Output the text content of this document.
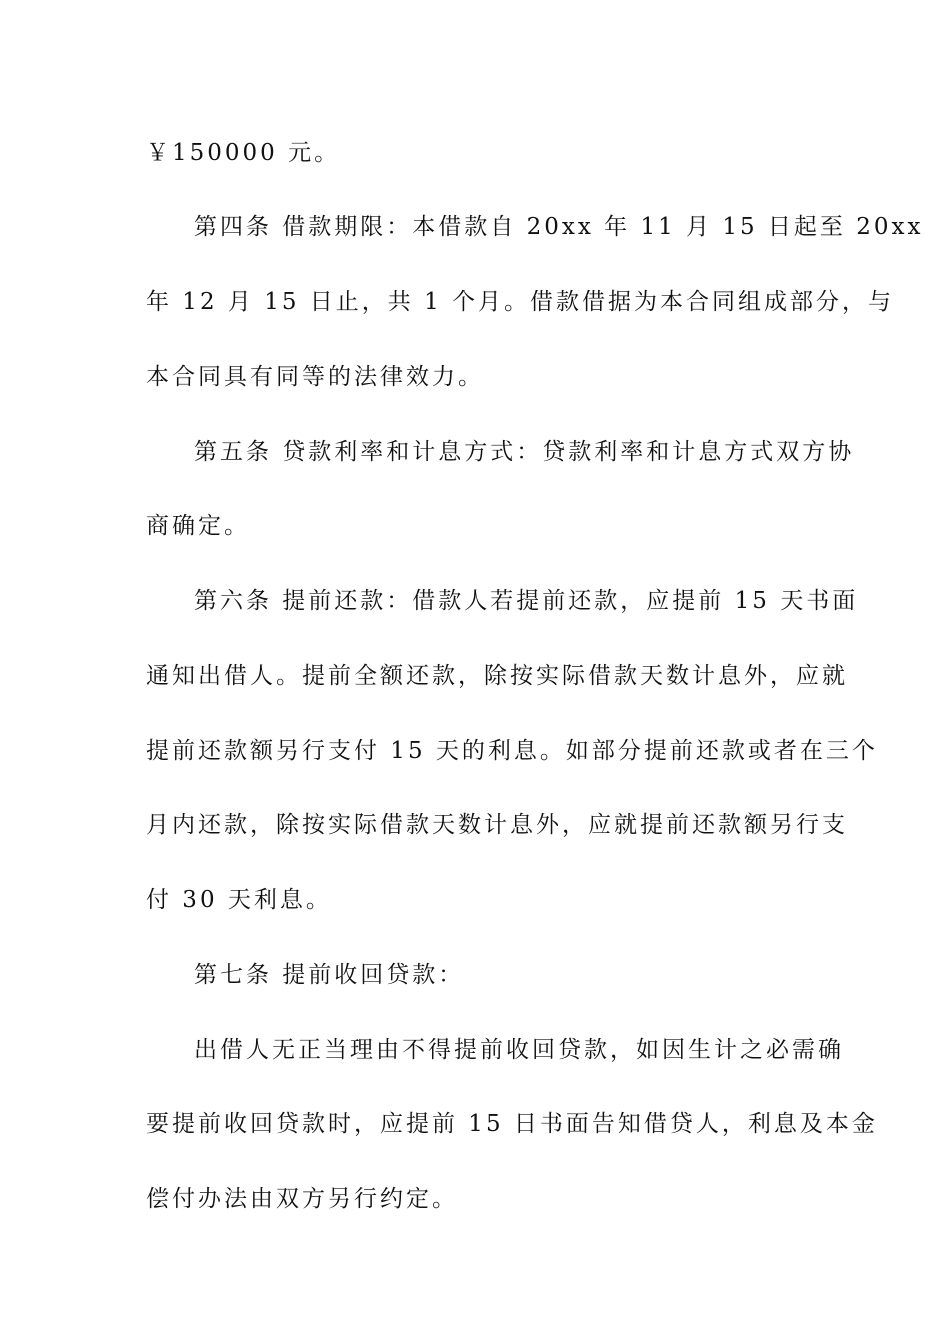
￥150000 元。
第四条 借款期限：本借款自 20xx 年 11 月 15 日起至 20xx
年 12 月 15 日止，共 1 个月。借款借据为本合同组成部分，与
本合同具有同等的法律效力。
第五条 贷款利率和计息方式：贷款利率和计息方式双方协
商确定。
第六条 提前还款：借款人若提前还款，应提前 15 天书面
通知出借人。提前全额还款，除按实际借款天数计息外，应就
提前还款额另行支付 15 天的利息。如部分提前还款或者在三个
月内还款，除按实际借款天数计息外，应就提前还款额另行支
付 30 天利息。
第七条 提前收回贷款：
出借人无正当理由不得提前收回贷款，如因生计之必需确
要提前收回贷款时，应提前 15 日书面告知借贷人，利息及本金
偿付办法由双方另行约定。
